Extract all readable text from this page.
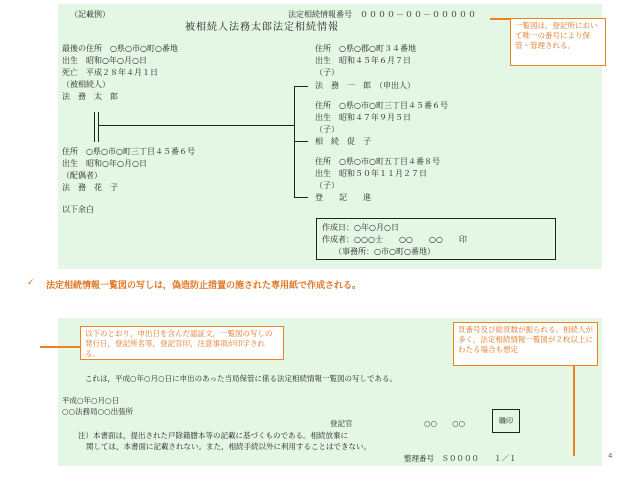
（記載例）	法定相続情報番号 ００００－００－０００００
被相続人法務太郎法定相続情報
最後の住所　○県○市○町○番地
出生　昭和○年○月○日
死亡　平成２８年４月１日
（被相続人）
法　務　太　郎
住所　○県○市○町三丁目４５番６号
出生　昭和○年○月○日
（配偶者）
法　務　花　子
以下余白
住所　○県○郡○町３４番地
出生　昭和４５年６月７日
（子）
法　務　一　郎　（申出人）
住所　○県○市○町三丁目４５番６号
出生　昭和４７年９月５日
（子）
相　続　促　子
住所　○県○市○町五丁目４番８号
出生　昭和５０年１１月２７日
（子）
登　　記　　進
作成日：○年○月○日
作成者：○○○士　　○○　　○○　　印
（事務所：○市○町○番地）
一覧図は，登記所において唯一の番号により保管・管理される。
✓ 法定相続情報一覧図の写しは，偽造防止措置の施された専用紙で作成される。
以下のとおり，申出日を含んだ認証文，一覧図の写しの発行日，登記所名等，登記官印，注意事項が印字される。
頁番号及び総頁数が振られる。相続人が多く，法定相続情報一覧図が２枚以上にわたる場合も想定
これは，平成○年○月○日に申出のあった当局保管に係る法定相続情報一覧図の写しである。
平成○年○月○日
○○法務局○○出張所
登記官	○○　　○○	職印
注）本書面は，提出された戸除籍謄本等の記載に基づくものである。相続放棄に
関しては，本書面に記載されない。また，相続手続以外に利用することはできない。
整理番号　Ｓ００００　　１／１	4
